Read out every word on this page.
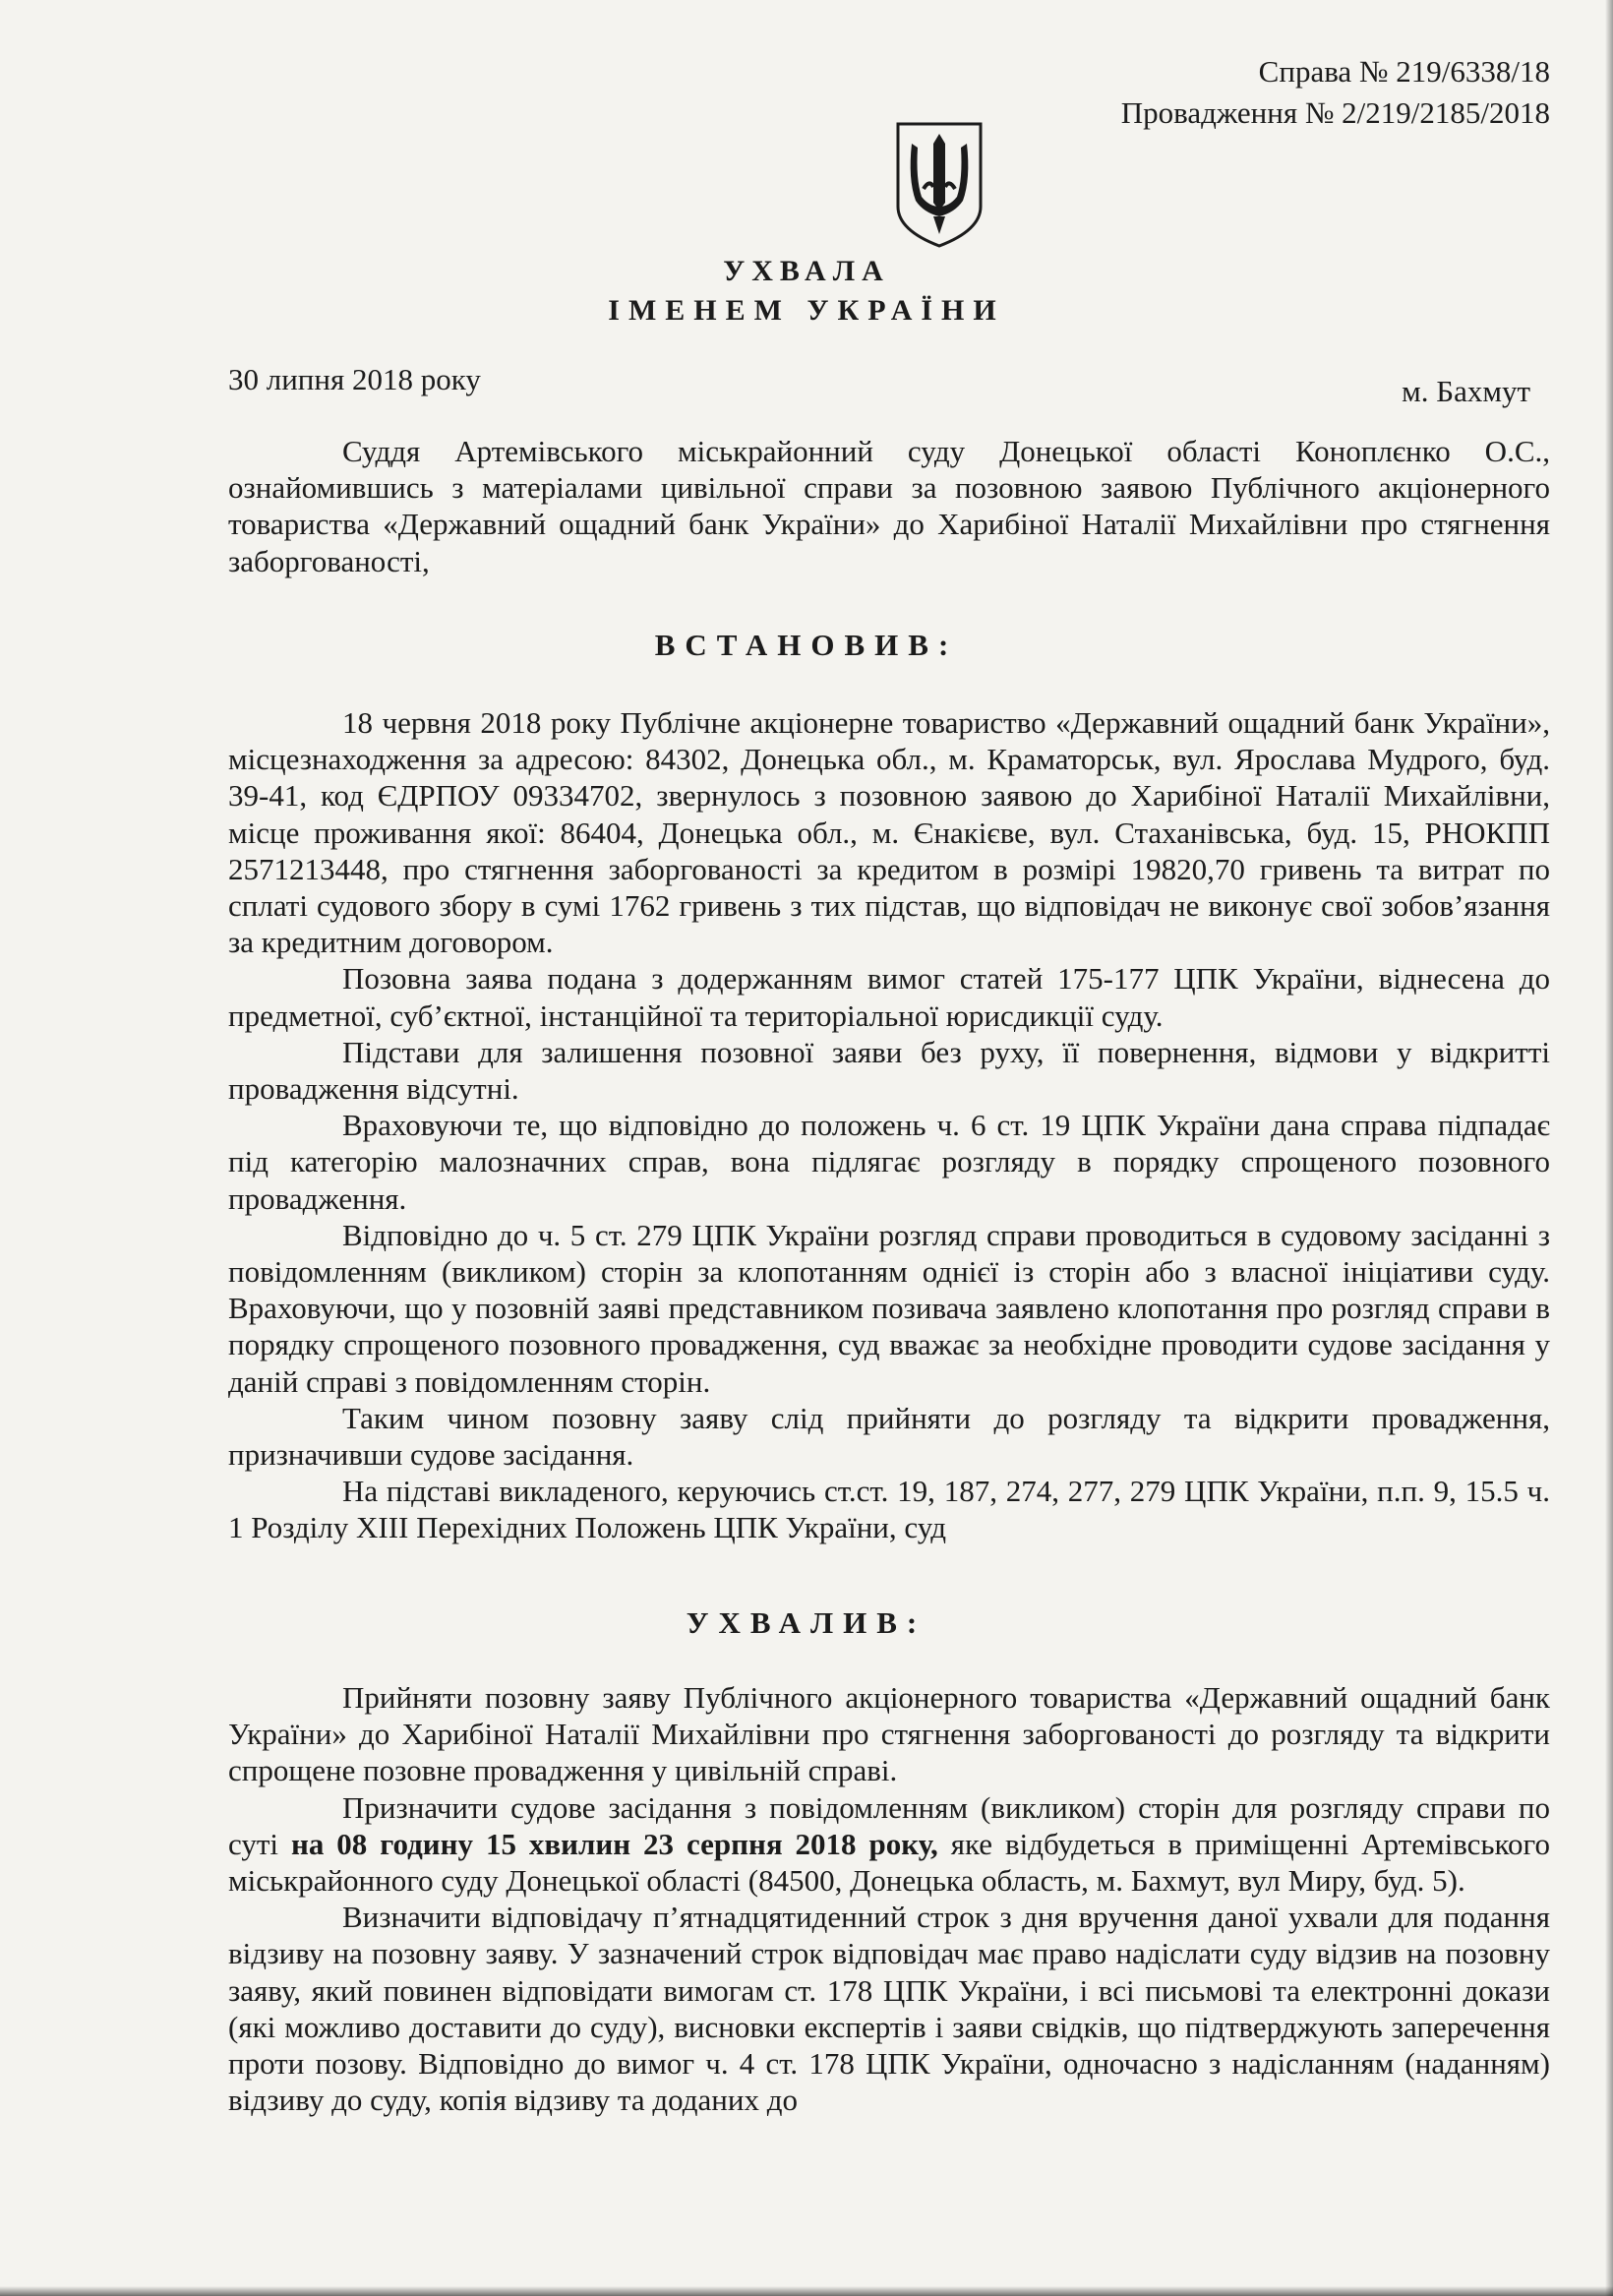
Справа № 219/6338/18
Провадження № 2/219/2185/2018
УХВАЛА
ІМЕНЕМ УКРАЇНИ
30 липня 2018 року	м. Бахмут

Суддя Артемівського міськрайонний суду Донецької області Коноплєнко О.С., ознайомившись з матеріалами цивільної справи за позовною заявою Публічного акціонерного товариства «Державний ощадний банк України» до Харибіної Наталії Михайлівни про стягнення заборгованості,

ВСТАНОВИВ:

18 червня 2018 року Публічне акціонерне товариство «Державний ощадний банк України», місцезнаходження за адресою: 84302, Донецька обл., м. Краматорськ, вул. Ярослава Мудрого, буд. 39-41, код ЄДРПОУ 09334702, звернулось з позовною заявою до Харибіної Наталії Михайлівни, місце проживання якої: 86404, Донецька обл., м. Єнакієве, вул. Стаханівська, буд. 15, РНОКПП 2571213448, про стягнення заборгованості за кредитом в розмірі 19820,70 гривень та витрат по сплаті судового збору в сумі 1762 гривень з тих підстав, що відповідач не виконує свої зобов’язання за кредитним договором.

Позовна заява подана з додержанням вимог статей 175-177 ЦПК України, віднесена до предметної, суб’єктної, інстанційної та територіальної юрисдикції суду.

Підстави для залишення позовної заяви без руху, її повернення, відмови у відкритті провадження відсутні.

Враховуючи те, що відповідно до положень ч. 6 ст. 19 ЦПК України дана справа підпадає під категорію малозначних справ, вона підлягає розгляду в порядку спрощеного позовного провадження.

Відповідно до ч. 5 ст. 279 ЦПК України розгляд справи проводиться в судовому засіданні з повідомленням (викликом) сторін за клопотанням однієї із сторін або з власної ініціативи суду. Враховуючи, що у позовній заяві представником позивача заявлено клопотання про розгляд справи в порядку спрощеного позовного провадження, суд вважає за необхідне проводити судове засідання у даній справі з повідомленням сторін.

Таким чином позовну заяву слід прийняти до розгляду та відкрити провадження, призначивши судове засідання.

На підставі викладеного, керуючись ст.ст. 19, 187, 274, 277, 279 ЦПК України, п.п. 9, 15.5 ч. 1 Розділу XIII Перехідних Положень ЦПК України, суд

УХВАЛИВ:

Прийняти позовну заяву Публічного акціонерного товариства «Державний ощадний банк України» до Харибіної Наталії Михайлівни про стягнення заборгованості до розгляду та відкрити спрощене позовне провадження у цивільній справі.

Призначити судове засідання з повідомленням (викликом) сторін для розгляду справи по суті на 08 годину 15 хвилин 23 серпня 2018 року, яке відбудеться в приміщенні Артемівського міськрайонного суду Донецької області (84500, Донецька область, м. Бахмут, вул Миру, буд. 5).

Визначити відповідачу п’ятнадцятиденний строк з дня вручення даної ухвали для подання відзиву на позовну заяву. У зазначений строк відповідач має право надіслати суду відзив на позовну заяву, який повинен відповідати вимогам ст. 178 ЦПК України, і всі письмові та електронні докази (які можливо доставити до суду), висновки експертів і заяви свідків, що підтверджують заперечення проти позову. Відповідно до вимог ч. 4 ст. 178 ЦПК України, одночасно з надісланням (наданням) відзиву до суду, копія відзиву та доданих до
